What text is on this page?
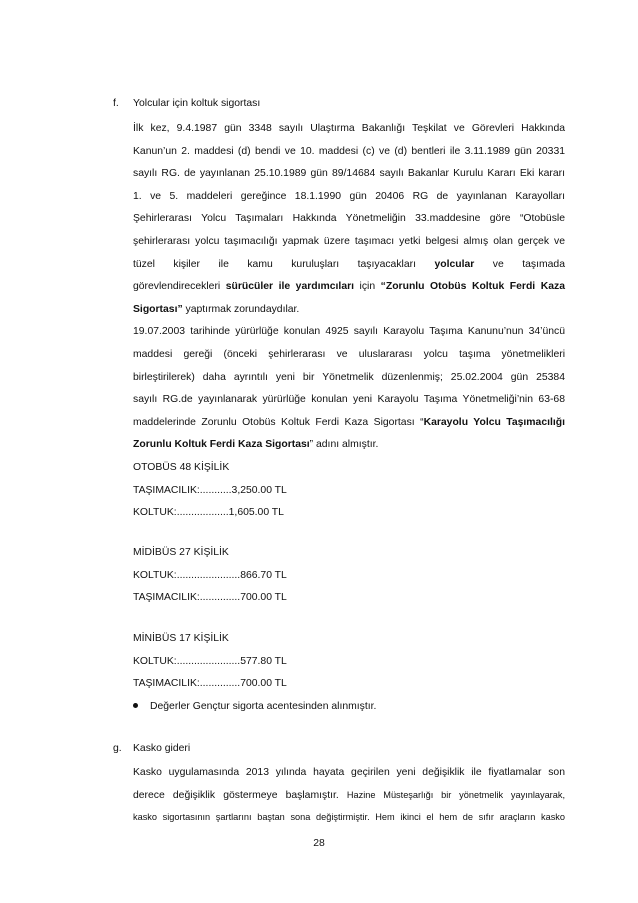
f. Yolcular için koltuk sigortası
İlk kez, 9.4.1987 gün 3348 sayılı Ulaştırma Bakanlığı Teşkilat ve Görevleri Hakkında
Kanun’un 2. maddesi (d) bendi ve 10. maddesi (c) ve (d) bentleri ile 3.11.1989 gün 20331
sayılı RG. de yayınlanan 25.10.1989 gün 89/14684 sayılı Bakanlar Kurulu Kararı Eki kararı
1. ve 5. maddeleri gereğince 18.1.1990 gün 20406 RG de yayınlanan Karayolları
Şehirlerarası Yolcu Taşımaları Hakkında Yönetmeliğin 33.maddesine göre “Otobüsle
şehirlerarası yolcu taşımacılığı yapmak üzere taşımacı yetki belgesi almış olan gerçek ve
tüzel kişiler ile kamu kuruluşları taşıyacakları yolcular ve taşımada
görevlendirecekleri sürücüler ile yardımcıları için “Zorunlu Otobüs Koltuk Ferdi Kaza
Sigortası” yaptırmak zorundaydılar.
19.07.2003 tarihinde yürürlüğe konulan 4925 sayılı Karayolu Taşıma Kanunu’nun 34’üncü
maddesi gereği (önceki şehirlerarası ve uluslararası yolcu taşıma yönetmelikleri
birleştirilerek) daha ayrıntılı yeni bir Yönetmelik düzenlenmiş; 25.02.2004 gün 25384
sayılı RG.de yayınlanarak yürürlüğe konulan yeni Karayolu Taşıma Yönetmeliği’nin 63-68
maddelerinde Zorunlu Otobüs Koltuk Ferdi Kaza Sigortası “Karayolu Yolcu Taşımacılığı
Zorunlu Koltuk Ferdi Kaza Sigortası” adını almıştır.
OTOBÜS 48 KİŞİLİK
TAŞIMACILIK:...........3,250.00 TL
KOLTUK:..................1,605.00 TL
MİDİBÜS 27 KİŞİLİK
KOLTUK:......................866.70 TL
TAŞIMACILIK:..............700.00 TL
MİNİBÜS 17 KİŞİLİK
KOLTUK:......................577.80 TL
TAŞIMACILIK:..............700.00 TL
Değerler Gençtur sigorta acentesinden alınmıştır.
g. Kasko gideri
Kasko uygulamasında 2013 yılında hayata geçirilen yeni değişiklik ile fiyatlamalar son
derece değişiklik göstermeye başlamıştır. Hazine Müsteşarlığı bir yönetmelik yayınlayarak,
kasko sigortasının şartlarını baştan sona değiştirmiştir. Hem ikinci el hem de sıfır araçların kasko
28
